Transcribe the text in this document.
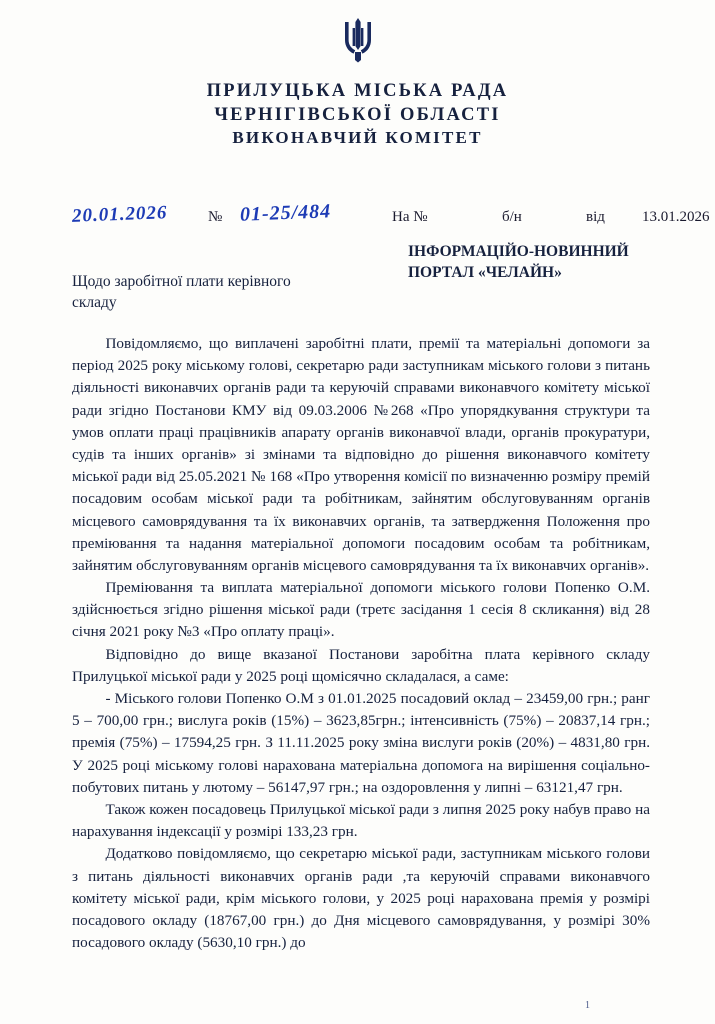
ПРИЛУЦЬКА МІСЬКА РАДА
ЧЕРНІГІВСЬКОЇ ОБЛАСТІ
ВИКОНАВЧИЙ КОМІТЕТ
20.01.2026	№ 01-25/484	На №	б/н	від 13.01.2026
ІНФОРМАЦІЙО-НОВИННИЙ
ПОРТАЛ «ЧЕЛАЙН»
Щодо заробітної плати керівного
складу

Повідомляємо, що виплачені заробітні плати, премії та матеріальні допомоги за період 2025 року міському голові, секретарю ради заступникам міського голови з питань діяльності виконавчих органів ради та керуючій справами виконавчого комітету міської ради згідно Постанови КМУ від 09.03.2006 №268 «Про упорядкування структури та умов оплати праці працівників апарату органів виконавчої влади, органів прокуратури, судів та інших органів» зі змінами та відповідно до рішення виконавчого комітету міської ради від 25.05.2021 № 168 «Про утворення комісії по визначенню розміру премій посадовим особам міської ради та робітникам, зайнятим обслуговуванням органів місцевого самоврядування та їх виконавчих органів, та затвердження Положення про преміювання та надання матеріальної допомоги посадовим особам та робітникам, зайнятим обслуговуванням органів місцевого самоврядування та їх виконавчих органів».

Преміювання та виплата матеріальної допомоги міського голови Попенко О.М. здійснюється згідно рішення міської ради (третє засідання 1 сесія 8 скликання) від 28 січня 2021 року №3 «Про оплату праці».

Відповідно до вище вказаної Постанови заробітна плата керівного складу Прилуцької міської ради у 2025 році щомісячно складалася, а саме:

- Міського голови Попенко О.М з 01.01.2025 посадовий оклад – 23459,00 грн.; ранг 5 – 700,00 грн.; вислуга років (15%) – 3623,85грн.; інтенсивність (75%) – 20837,14 грн.; премія (75%) – 17594,25 грн. З 11.11.2025 року зміна вислуги років (20%) – 4831,80 грн. У 2025 році міському голові нарахована матеріальна допомога на вирішення соціально-побутових питань у лютому – 56147,97 грн.; на оздоровлення у липні – 63121,47 грн.

Також кожен посадовець Прилуцької міської ради з липня 2025 року набув право на нарахування індексації у розмірі 133,23 грн.

Додатково повідомляємо, що секретарю міської ради, заступникам міського голови з питань діяльності виконавчих органів ради ,та керуючій справами виконавчого комітету міської ради, крім міського голови, у 2025 році нарахована премія у розмірі посадового окладу (18767,00 грн.) до Дня місцевого самоврядування, у розмірі 30% посадового окладу (5630,10 грн.) до

1
